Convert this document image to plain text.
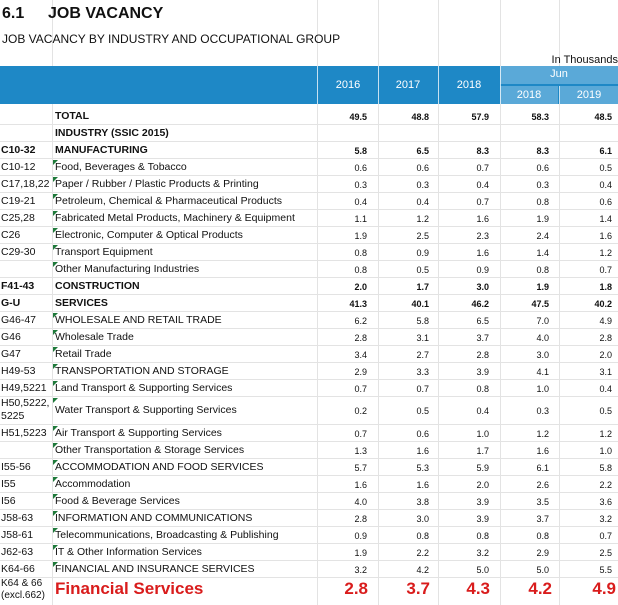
6.1 JOB VACANCY
JOB VACANCY BY INDUSTRY AND OCCUPATIONAL GROUP
In Thousands
2016	2017	2018
Jun
2018	2019
TOTAL	49.5	48.8	57.9	58.3	48.5
INDUSTRY (SSIC 2015)
C10-32 MANUFACTURING	5.8	6.5	8.3	8.3	6.1
C10-12 Food, Beverages & Tobacco	0.6	0.6	0.7	0.6	0.5
C17,18,22 Paper / Rubber / Plastic Products & Printing	0.3	0.3	0.4	0.3	0.4
C19-21 Petroleum, Chemical & Pharmaceutical Products	0.4	0.4	0.7	0.8	0.6
C25,28 Fabricated Metal Products, Machinery & Equipment	1.1	1.2	1.6	1.9	1.4
C26	Electronic, Computer & Optical Products	1.9	2.5	2.3	2.4	1.6
C29-30 Transport Equipment	0.8	0.9	1.6	1.4	1.2
Other Manufacturing Industries	0.8	0.5	0.9	0.8	0.7
F41-43 CONSTRUCTION	2.0	1.7	3.0	1.9	1.8
G-U	SERVICES	41.3	40.1	46.2	47.5	40.2
G46-47 WHOLESALE AND RETAIL TRADE	6.2	5.8	6.5	7.0	4.9
G46	Wholesale Trade	2.8	3.1	3.7	4.0	2.8
G47	Retail Trade	3.4	2.7	2.8	3.0	2.0
H49-53 TRANSPORTATION AND STORAGE	2.9	3.3	3.9	4.1	3.1
H49,5221 Land Transport & Supporting Services	0.7	0.7	0.8	1.0	0.4
H50,5222,
5225	Water Transport & Supporting Services	0.2	0.5	0.4	0.3	0.5
H51,5223 Air Transport & Supporting Services	0.7	0.6	1.0	1.2	1.2
Other Transportation & Storage Services	1.3	1.6	1.7	1.6	1.0
I55-56 ACCOMMODATION AND FOOD SERVICES	5.7	5.3	5.9	6.1	5.8
I55	Accommodation	1.6	1.6	2.0	2.6	2.2
I56	Food & Beverage Services	4.0	3.8	3.9	3.5	3.6
J58-63 INFORMATION AND COMMUNICATIONS	2.8	3.0	3.9	3.7	3.2
J58-61 Telecommunications, Broadcasting & Publishing	0.9	0.8	0.8	0.8	0.7
J62-63 IT & Other Information Services	1.9	2.2	3.2	2.9	2.5
K64-66 FINANCIAL AND INSURANCE SERVICES	3.2	4.2	5.0	5.0	5.5
K64 & 66
(excl.662) Financial Services	2.8	3.7	4.3	4.2	4.9
